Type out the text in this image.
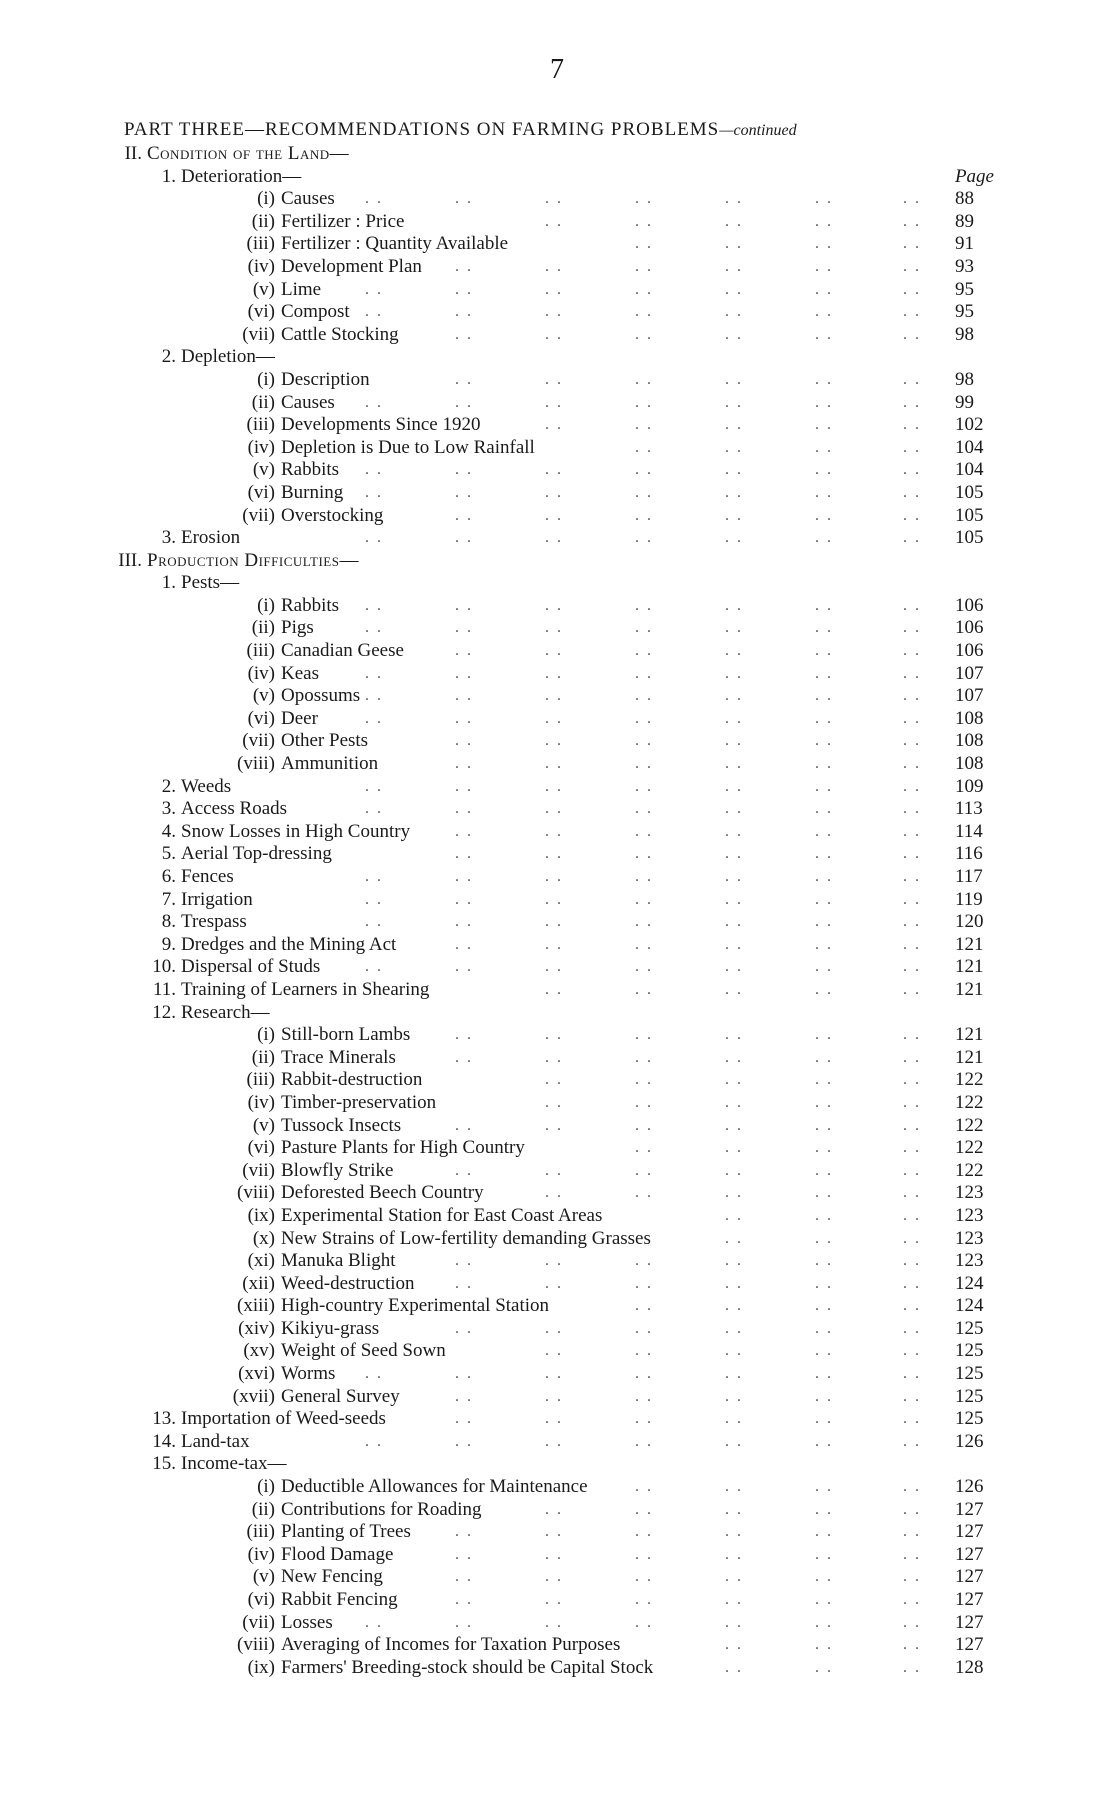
7
PART THREE—RECOMMENDATIONS ON FARMING PROBLEMS—continued
II. Condition of the Land—
1. Deterioration—	Page
(i) Causes . .	. .	. .	. .	. .	. .	. . 88
(ii) Fertilizer : Price	. .	. .	. .	. .	. . 89
(iii) Fertilizer : Quantity Available	. .	. .	. .	. . 91
(iv) Development Plan . .	. .	. .	. .	. .	. . 93
(v) Lime	. .	. .	. .	. .	. .	. .	. . 95
(vi) Compost . .	. .	. .	. .	. .	. .	. . 95
(vii) Cattle Stocking	. .	. .	. .	. .	. .	. . 98
2. Depletion—
(i) Description	. .	. .	. .	. .	. .	. . 98
(ii) Causes . .	. .	. .	. .	. .	. .	. . 99
(iii) Developments Since 1920	. .	. .	. .	. .	. . 102
(iv) Depletion is Due to Low Rainfall	. .	. .	. .	. . 104
(v) Rabbits . .	. .	. .	. .	. .	. .	. . 104
(vi) Burning . .	. .	. .	. .	. .	. .	. . 105
(vii) Overstocking	. .	. .	. .	. .	. .	. . 105
3. Erosion	. .	. .	. .	. .	. .	. .	. . 105
III. Production Difficulties—
1. Pests—
(i) Rabbits . .	. .	. .	. .	. .	. .	. . 106
(ii) Pigs	. .	. .	. .	. .	. .	. .	. . 106
(iii) Canadian Geese	. .	. .	. .	. .	. .	. . 106
(iv) Keas	. .	. .	. .	. .	. .	. .	. . 107
(v) Opossums . .	. .	. .	. .	. .	. .	. . 107
(vi) Deer	. .	. .	. .	. .	. .	. .	. . 108
(vii) Other Pests	. .	. .	. .	. .	. .	. . 108
(viii) Ammunition	. .	. .	. .	. .	. .	. . 108
2. Weeds	. .	. .	. .	. .	. .	. .	. . 109
3. Access Roads	. .	. .	. .	. .	. .	. .	. . 113
4. Snow Losses in High Country	. .	. .	. .	. .	. .	. . 114
5. Aerial Top-dressing	. .	. .	. .	. .	. .	. . 116
6. Fences	. .	. .	. .	. .	. .	. .	. . 117
7. Irrigation	. .	. .	. .	. .	. .	. .	. . 119
8. Trespass	. .	. .	. .	. .	. .	. .	. . 120
9. Dredges and the Mining Act	. .	. .	. .	. .	. .	. . 121
10. Dispersal of Studs	. .	. .	. .	. .	. .	. .	. . 121
11. Training of Learners in Shearing	. .	. .	. .	. .	. . 121
12. Research—
(i) Still-born Lambs	. .	. .	. .	. .	. .	. . 121
(ii) Trace Minerals	. .	. .	. .	. .	. .	. . 121
(iii) Rabbit-destruction	. .	. .	. .	. .	. . 122
(iv) Timber-preservation	. .	. .	. .	. .	. . 122
(v) Tussock Insects	. .	. .	. .	. .	. .	. . 122
(vi) Pasture Plants for High Country	. .	. .	. .	. . 122
(vii) Blowfly Strike	. .	. .	. .	. .	. .	. . 122
(viii) Deforested Beech Country	. .	. .	. .	. .	. . 123
(ix) Experimental Station for East Coast Areas	. .	. .	. . 123
(x) New Strains of Low-fertility demanding Grasses	. .	. .	. . 123
(xi) Manuka Blight	. .	. .	. .	. .	. .	. . 123
(xii) Weed-destruction	. .	. .	. .	. .	. .	. . 124
(xiii) High-country Experimental Station	. .	. .	. .	. . 124
(xiv) Kikiyu-grass	. .	. .	. .	. .	. .	. . 125
(xv) Weight of Seed Sown	. .	. .	. .	. .	. . 125
(xvi) Worms . .	. .	. .	. .	. .	. .	. . 125
(xvii) General Survey	. .	. .	. .	. .	. .	. . 125
13. Importation of Weed-seeds	. .	. .	. .	. .	. .	. . 125
14. Land-tax	. .	. .	. .	. .	. .	. .	. . 126
15. Income-tax—
(i) Deductible Allowances for Maintenance	. .	. .	. .	. . 126
(ii) Contributions for Roading	. .	. .	. .	. .	. . 127
(iii) Planting of Trees	. .	. .	. .	. .	. .	. . 127
(iv) Flood Damage	. .	. .	. .	. .	. .	. . 127
(v) New Fencing	. .	. .	. .	. .	. .	. . 127
(vi) Rabbit Fencing	. .	. .	. .	. .	. .	. . 127
(vii) Losses . .	. .	. .	. .	. .	. .	. . 127
(viii) Averaging of Incomes for Taxation Purposes	. .	. .	. . 127
(ix) Farmers' Breeding-stock should be Capital Stock	. .	. .	. . 128
